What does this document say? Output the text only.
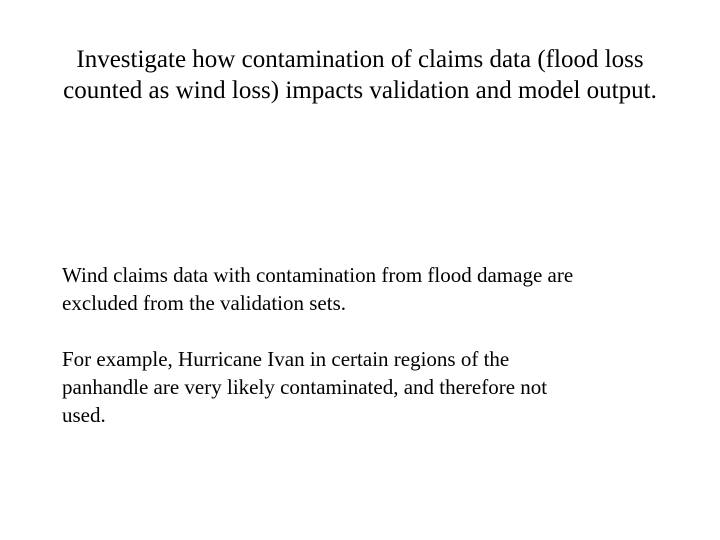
Investigate how contamination of claims data (flood loss
counted as wind loss) impacts validation and model output.

Wind claims data with contamination from flood damage are
excluded from the validation sets.

For example, Hurricane Ivan in certain regions of the
panhandle are very likely contaminated, and therefore not
used.
